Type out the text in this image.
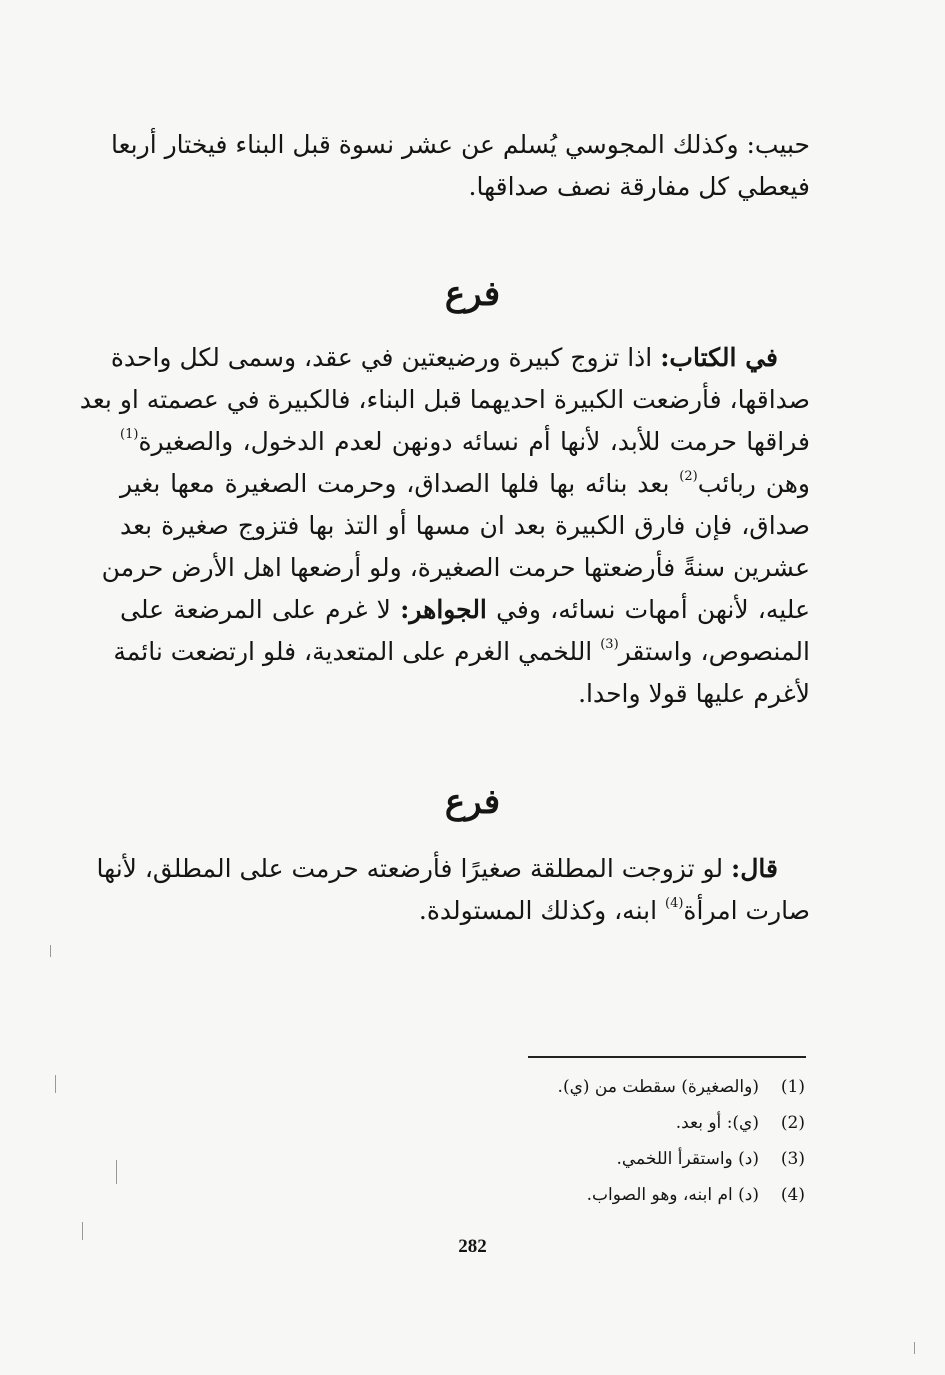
حبيب: وكذلك المجوسي يُسلم عن عشر نسوة قبل البناء فيختار أربعا
فيعطي كل مفارقة نصف صداقها.
فرع
في الكتاب: اذا تزوج كبيرة ورضيعتين في عقد، وسمى لكل واحدة
صداقها، فأرضعت الكبيرة احديهما قبل البناء، فالكبيرة في عصمته او بعد
فراقها حرمت للأبد، لأنها أم نسائه دونهن لعدم الدخول، والصغيرة$^{(1)}$
وهن ربائب$^{(2)}$ بعد بنائه بها فلها الصداق، وحرمت الصغيرة معها بغير
صداق، فإن فارق الكبيرة بعد ان مسها أو التذ بها فتزوج صغيرة بعد
عشرين سنةً فأرضعتها حرمت الصغيرة، ولو أرضعها اهل الأرض حرمن
عليه، لأنهن أمهات نسائه، وفي الجواهر: لا غرم على المرضعة على
المنصوص، واستقر$^{(3)}$ اللخمي الغرم على المتعدية، فلو ارتضعت نائمة
لأغرم عليها قولا واحدا.
فرع
قال: لو تزوجت المطلقة صغيرًا فأرضعته حرمت على المطلق، لأنها
صارت امرأة$^{(4)}$ ابنه، وكذلك المستولدة.
(1)(والصغيرة) سقطت من (ي).
(2)(ي): أو بعد.
(3)(د) واستقرأ اللخمي.
(4)(د) ام ابنه، وهو الصواب.
282
